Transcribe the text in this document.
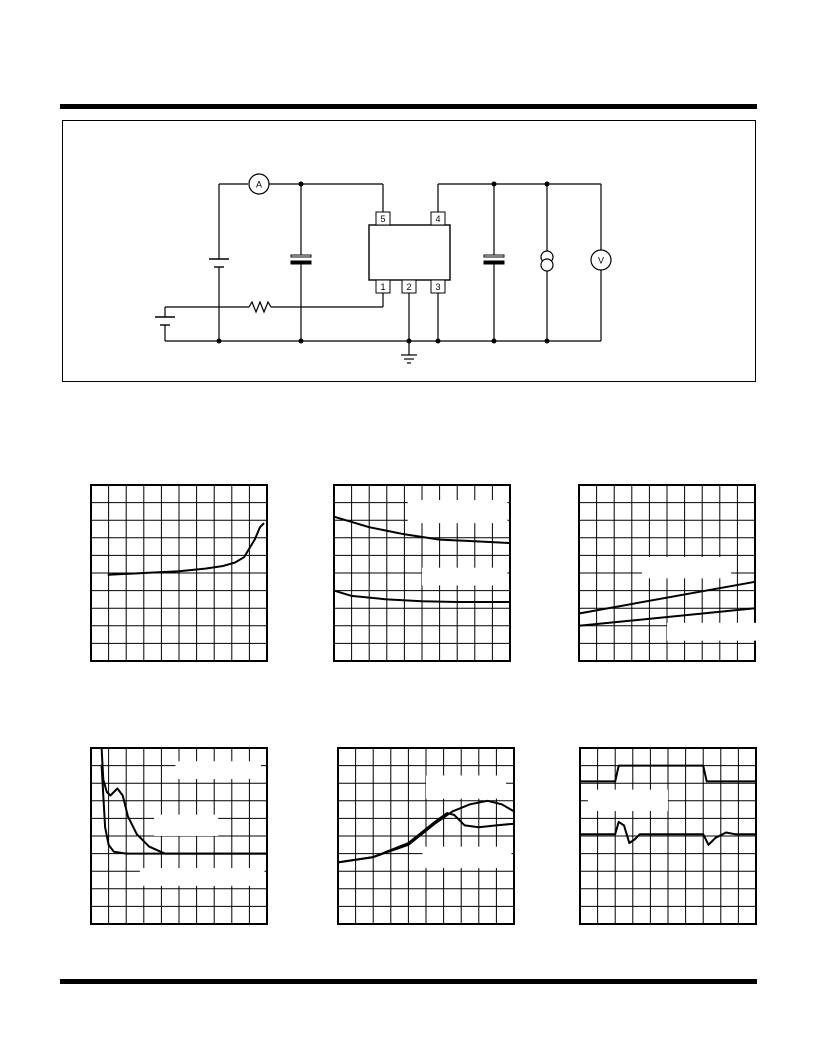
A
V
5	4
1 2	3
